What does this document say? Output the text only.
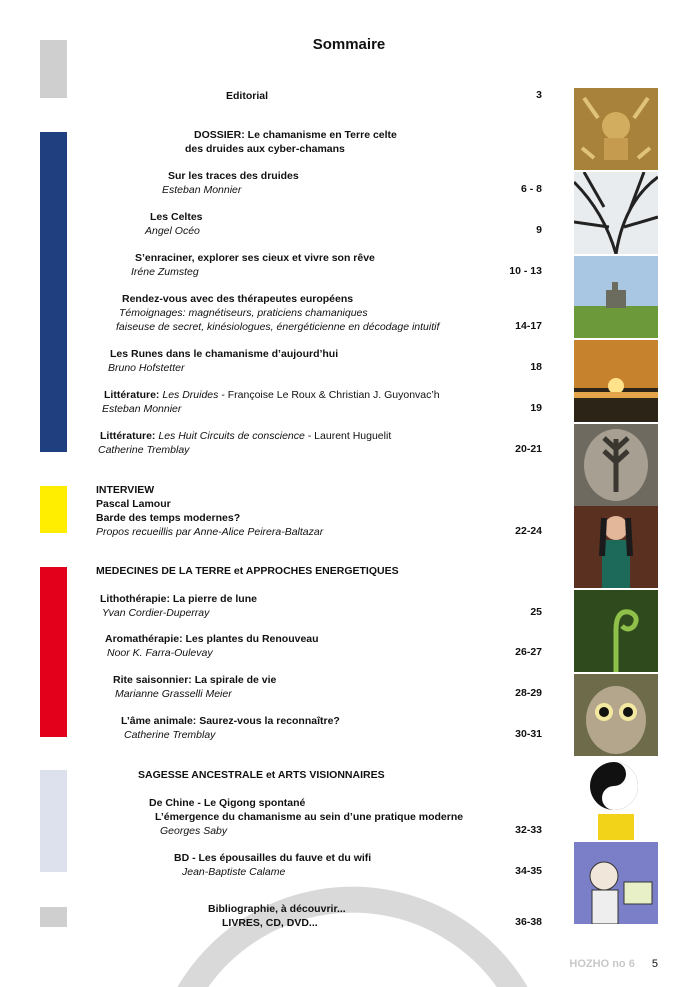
Sommaire
Editorial	3
DOSSIER: Le chamanisme en Terre celte
des druides aux cyber-chamans
Sur les traces des druides
Esteban Monnier	6 - 8
Les Celtes
Angel Océo	9
S’enraciner, explorer ses cieux et vivre son rêve
Iréne Zumsteg	10 - 13
Rendez-vous avec des thérapeutes européens
Témoignages: magnétiseurs, praticiens chamaniques
faiseuse de secret, kinésiologues, énergéticienne en décodage intuitif	14-17
Les Runes dans le chamanisme d’aujourd’hui
Bruno Hofstetter	18
Littérature: Les Druides - Françoise Le Roux & Christian J. Guyonvac’h
Esteban Monnier	19
Littérature: Les Huit Circuits de conscience - Laurent Huguelit
Catherine Tremblay	20-21
INTERVIEW
Pascal Lamour
Barde des temps modernes?
Propos recueillis par Anne-Alice Peirera-Baltazar	22-24
MEDECINES DE LA TERRE et APPROCHES ENERGETIQUES
Lithothérapie: La pierre de lune
Yvan Cordier-Duperray	25
Aromathérapie: Les plantes du Renouveau
Noor K. Farra-Oulevay	26-27
Rite saisonnier: La spirale de vie
Marianne Grasselli Meier	28-29
L’âme animale: Saurez-vous la reconnaître?
Catherine Tremblay	30-31
SAGESSE ANCESTRALE et ARTS VISIONNAIRES
De Chine - Le Qigong spontané
L’émergence du chamanisme au sein d’une pratique moderne
Georges Saby	32-33
BD - Les épousailles du fauve et du wifi
Jean-Baptiste Calame	34-35
Bibliographie, à découvrir...
LIVRES, CD, DVD...	36-38
HOZHO no 6 5
